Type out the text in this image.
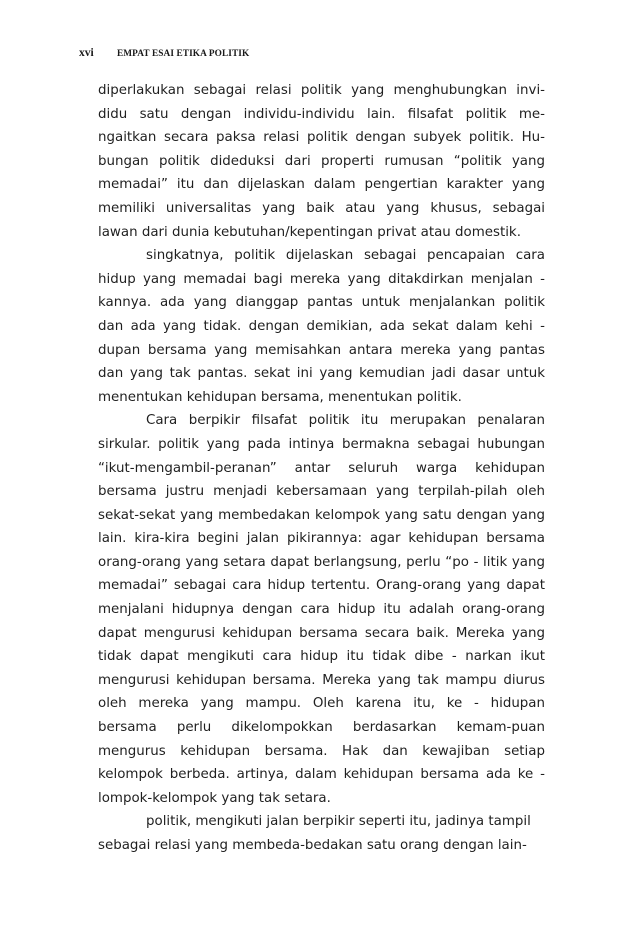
xvi	EMPAT ESAI ETIKA POLITIK
diperlakukan sebagai relasi politik yang menghubungkan invi-
didu satu dengan individu-individu lain. filsafat politik me-
ngaitkan secara paksa relasi politik dengan subyek politik. Hu-
bungan politik dideduksi dari properti rumusan “politik yang
memadai” itu dan dijelaskan dalam pengertian karakter yang
memiliki universalitas yang baik atau yang khusus, sebagai
lawan dari dunia kebutuhan/kepentingan privat atau domestik.
singkatnya, politik dijelaskan sebagai pencapaian cara
hidup yang memadai bagi mereka yang ditakdirkan menjalan -
kannya. ada yang dianggap pantas untuk menjalankan politik
dan ada yang tidak. dengan demikian, ada sekat dalam kehi -
dupan bersama yang memisahkan antara mereka yang pantas
dan yang tak pantas. sekat ini yang kemudian jadi dasar untuk
menentukan kehidupan bersama, menentukan politik.
Cara berpikir filsafat politik itu merupakan penalaran
sirkular. politik yang pada intinya bermakna sebagai hubungan
“ikut-mengambil-peranan” antar seluruh warga kehidupan
bersama justru menjadi kebersamaan yang terpilah-pilah oleh
sekat-sekat yang membedakan kelompok yang satu dengan yang
lain. kira-kira begini jalan pikirannya: agar kehidupan bersama
orang-orang yang setara dapat berlangsung, perlu “po - litik yang
memadai” sebagai cara hidup tertentu. Orang-orang yang dapat
menjalani hidupnya dengan cara hidup itu adalah orang-orang
dapat mengurusi kehidupan bersama secara baik. Mereka yang
tidak dapat mengikuti cara hidup itu tidak dibe - narkan ikut
mengurusi kehidupan bersama. Mereka yang tak mampu diurus
oleh mereka yang mampu. Oleh karena itu, ke - hidupan
bersama perlu dikelompokkan berdasarkan kemam-puan
mengurus kehidupan bersama. Hak dan kewajiban setiap
kelompok berbeda. artinya, dalam kehidupan bersama ada ke -
lompok-kelompok yang tak setara.
politik, mengikuti jalan berpikir seperti itu, jadinya tampil
sebagai relasi yang membeda-bedakan satu orang dengan lain-
